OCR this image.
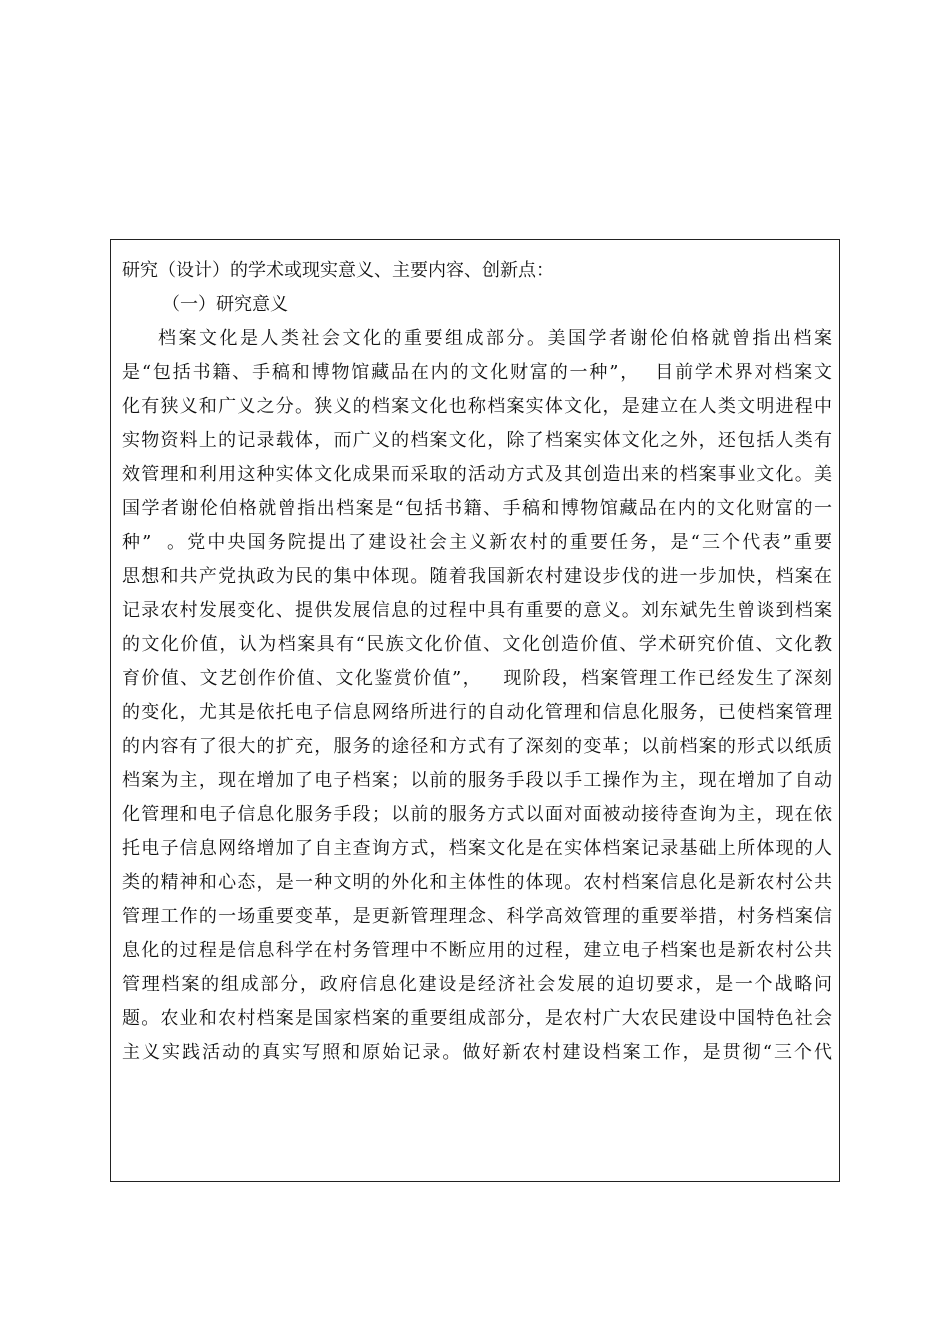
研究（设计）的学术或现实意义、主要内容、创新点：
（一）研究意义
档案文化是人类社会文化的重要组成部分。美国学者谢伦伯格就曾指出档案
是“包括书籍、手稿和博物馆藏品在内的文化财富的一种”，  目前学术界对档案文
化有狭义和广义之分。狭义的档案文化也称档案实体文化，是建立在人类文明进程中
实物资料上的记录载体，而广义的档案文化，除了档案实体文化之外，还包括人类有
效管理和利用这种实体文化成果而采取的活动方式及其创造出来的档案事业文化。美
国学者谢伦伯格就曾指出档案是“包括书籍、手稿和博物馆藏品在内的文化财富的一
种”  。党中央国务院提出了建设社会主义新农村的重要任务，是“三个代表”重要
思想和共产党执政为民的集中体现。随着我国新农村建设步伐的进一步加快，档案在
记录农村发展变化、提供发展信息的过程中具有重要的意义。刘东斌先生曾谈到档案
的文化价值，认为档案具有“民族文化价值、文化创造价值、学术研究价值、文化教
育价值、文艺创作价值、文化鉴赏价值”，   现阶段，档案管理工作已经发生了深刻
的变化，尤其是依托电子信息网络所进行的自动化管理和信息化服务，已使档案管理
的内容有了很大的扩充，服务的途径和方式有了深刻的变革；以前档案的形式以纸质
档案为主，现在增加了电子档案；以前的服务手段以手工操作为主，现在增加了自动
化管理和电子信息化服务手段；以前的服务方式以面对面被动接待查询为主，现在依
托电子信息网络增加了自主查询方式，档案文化是在实体档案记录基础上所体现的人
类的精神和心态，是一种文明的外化和主体性的体现。农村档案信息化是新农村公共
管理工作的一场重要变革，是更新管理理念、科学高效管理的重要举措，村务档案信
息化的过程是信息科学在村务管理中不断应用的过程，建立电子档案也是新农村公共
管理档案的组成部分，政府信息化建设是经济社会发展的迫切要求，是一个战略问
题。农业和农村档案是国家档案的重要组成部分，是农村广大农民建设中国特色社会
主义实践活动的真实写照和原始记录。做好新农村建设档案工作，是贯彻“三个代
